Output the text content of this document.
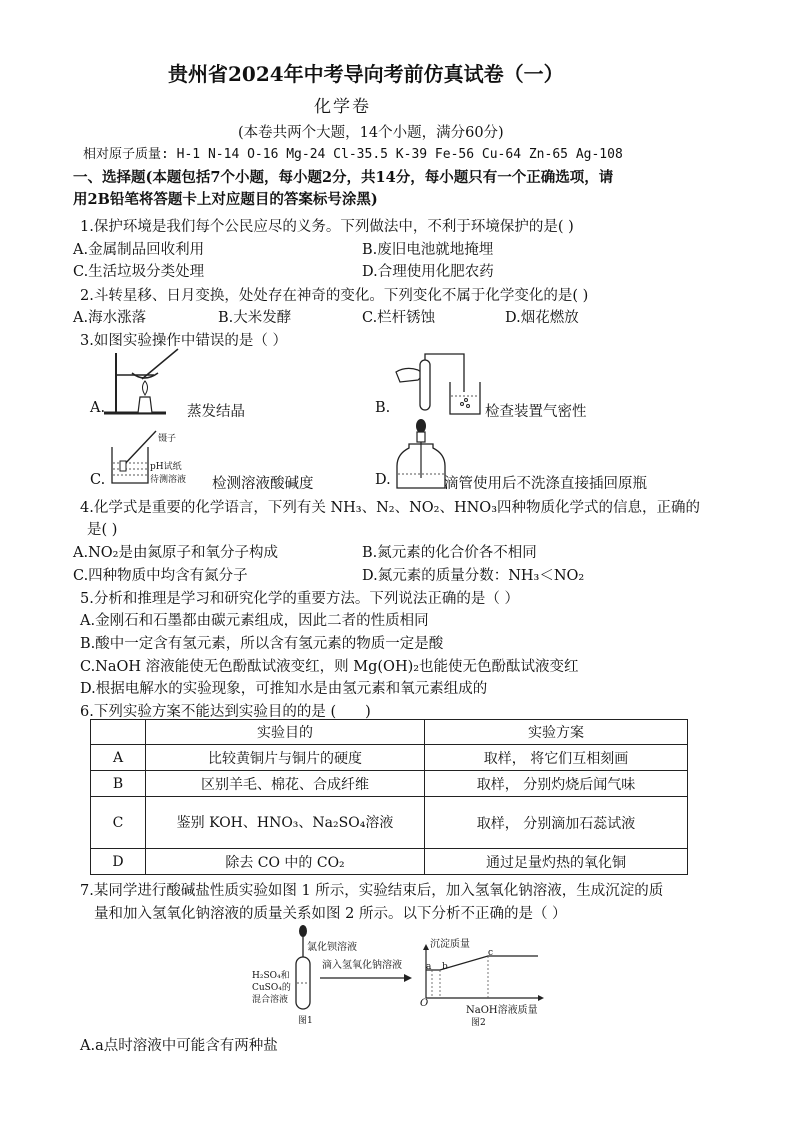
贵州省2024年中考导向考前仿真试卷（一）
化学卷
(本卷共两个大题，14个小题，满分60分)
相对原子质量: H-1 N-14 O-16 Mg-24 Cl-35.5 K-39 Fe-56 Cu-64 Zn-65 Ag-108
一、选择题(本题包括7个小题，每小题2分，共14分，每小题只有一个正确选项，请
用2B铅笔将答题卡上对应题目的答案标号涂黑)
1.保护环境是我们每个公民应尽的义务。下列做法中，不利于环境保护的是( )
A.金属制品回收利用	B.废旧电池就地掩埋
C.生活垃圾分类处理	D.合理使用化肥农药
2.斗转星移、日月变换，处处存在神奇的变化。下列变化不属于化学变化的是( )
A.海水涨落	B.大米发酵	C.栏杆锈蚀	D.烟花燃放
3.如图实验操作中错误的是（ ）
A.	蒸发结晶	B.	检查装置气密性
镊子
pH试纸
待测溶液
C.	检测溶液酸碱度	D.	滴管使用后不洗涤直接插回原瓶
4.化学式是重要的化学语言，下列有关 NH₃、N₂、NO₂、HNO₃四种物质化学式的信息，正确的
是( )
A.NO₂是由氮原子和氧分子构成	B.氮元素的化合价各不相同
C.四种物质中均含有氮分子	D.氮元素的质量分数：NH₃＜NO₂
5.分析和推理是学习和研究化学的重要方法。下列说法正确的是（ ）
A.金刚石和石墨都由碳元素组成，因此二者的性质相同
B.酸中一定含有氢元素，所以含有氢元素的物质一定是酸
C.NaOH 溶液能使无色酚酞试液变红，则 Mg(OH)₂也能使无色酚酞试液变红
D.根据电解水的实验现象，可推知水是由氢元素和氧元素组成的
6.下列实验方案不能达到实验目的的是 (____)
	实验目的	实验方案
A	比较黄铜片与铜片的硬度	取样， 将它们互相刻画
B	区别羊毛、棉花、合成纤维	取样， 分别灼烧后闻气味
C	鉴别 KOH、HNO₃、Na₂SO₄溶液	取样， 分别滴加石蕊试液
D	除去 CO 中的 CO₂	通过足量灼热的氧化铜
7.某同学进行酸碱盐性质实验如图 1 所示，实验结束后，加入氢氧化钠溶液，生成沉淀的质
量和加入氢氧化钠溶液的质量关系如图 2 所示。以下分析不正确的是（ ）
氯化钡溶液
H₂SO₄和
CuSO₄的
混合溶液
图1
滴入氢氧化钠溶液
沉淀质量
a b
c
O
NaOH溶液质量
图2
A.a点时溶液中可能含有两种盐
